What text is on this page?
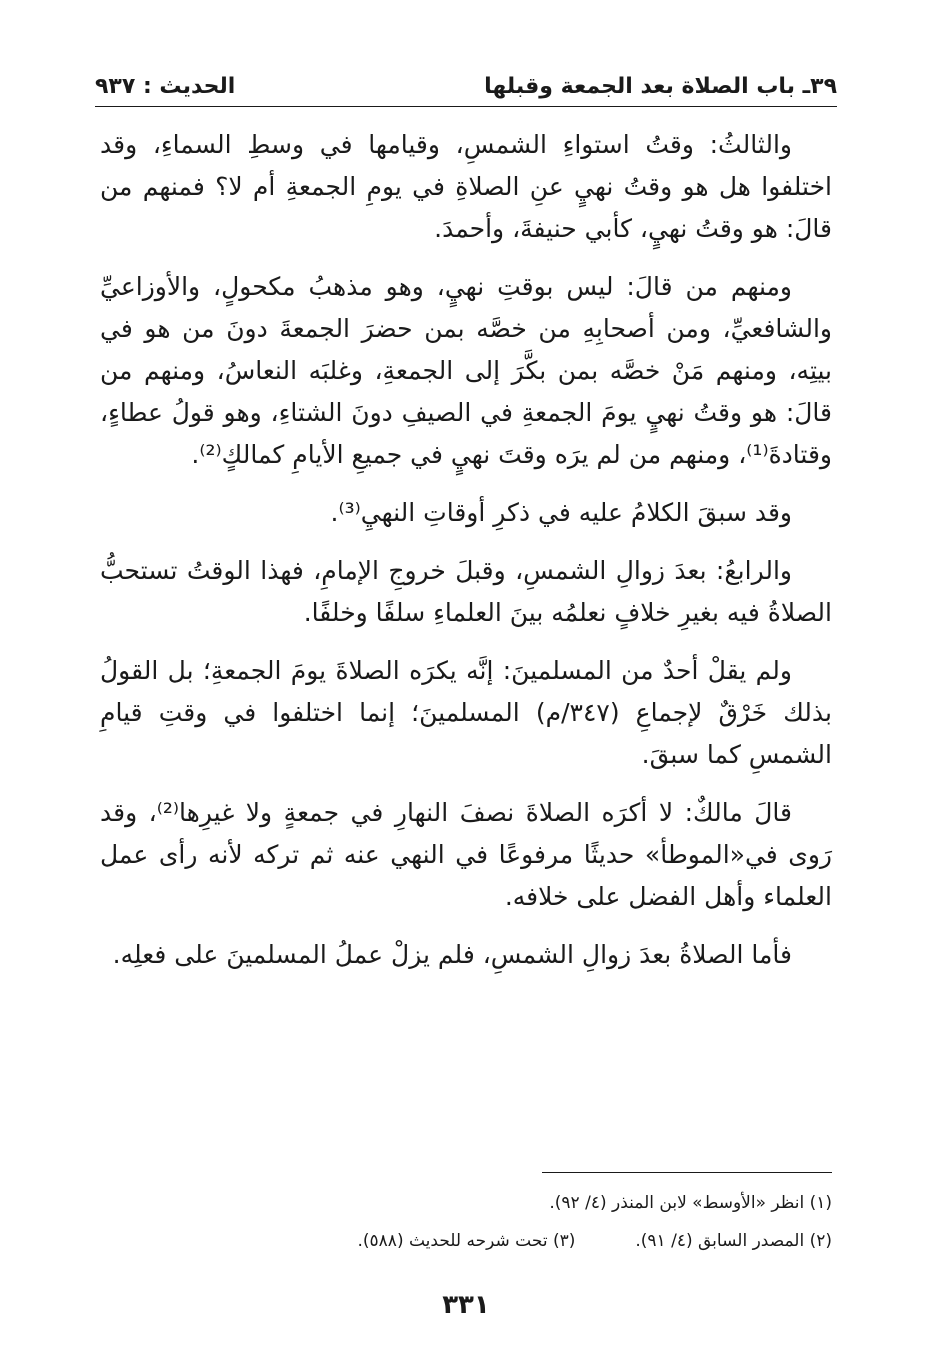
٣٩ـ باب الصلاة بعد الجمعة وقبلها
الحديث : ٩٣٧

والثالثُ: وقتُ استواءِ الشمسِ، وقيامها في وسطِ السماءِ، وقد اختلفوا هل هو وقتُ نهيٍ عنِ الصلاةِ في يومِ الجمعةِ أم لا؟ فمنهم من قالَ: هو وقتُ نهيٍ، كأبي حنيفةَ، وأحمدَ.

ومنهم من قالَ: ليس بوقتِ نهيٍ، وهو مذهبُ مكحولٍ، والأوزاعيِّ والشافعيِّ، ومن أصحابِهِ من خصَّه بمن حضرَ الجمعةَ دونَ من هو في بيتِه، ومنهم مَنْ خصَّه بمن بكَّرَ إلى الجمعةِ، وغلبَه النعاسُ، ومنهم من قالَ: هو وقتُ نهيٍ يومَ الجمعةِ في الصيفِ دونَ الشتاءِ، وهو قولُ عطاءٍ، وقتادةَ⁽¹⁾، ومنهم من لم يرَه وقتَ نهيٍ في جميعِ الأيامِ كمالكٍ⁽²⁾.

وقد سبقَ الكلامُ عليه في ذكرِ أوقاتِ النهيِ⁽³⁾.

والرابعُ: بعدَ زوالِ الشمسِ، وقبلَ خروجِ الإمامِ، فهذا الوقتُ تستحبُّ الصلاةُ فيه بغيرِ خلافٍ نعلمُه بينَ العلماءِ سلفًا وخلفًا.

ولم يقلْ أحدٌ من المسلمينَ: إنَّه يكرَه الصلاةَ يومَ الجمعةِ؛ بل القولُ بذلك خَرْقٌ لإجماعِ (٣٤٧/م) المسلمينَ؛ إنما اختلفوا في وقتِ قيامِ الشمسِ كما سبقَ.

قالَ مالكٌ: لا أكرَه الصلاةَ نصفَ النهارِ في جمعةٍ ولا غيرِها⁽²⁾، وقد رَوى في«الموطأ» حديثًا مرفوعًا في النهي عنه ثم تركه لأنه رأى عمل العلماء وأهل الفضل على خلافه.

فأما الصلاةُ بعدَ زوالِ الشمسِ، فلم يزلْ عملُ المسلمينَ على فعلِه.

(١) انظر «الأوسط» لابن المنذر (٤/ ٩٢).
(٢) المصدر السابق (٤/ ٩١).
(٣) تحت شرحه للحديث (٥٨٨).
٣٣١
